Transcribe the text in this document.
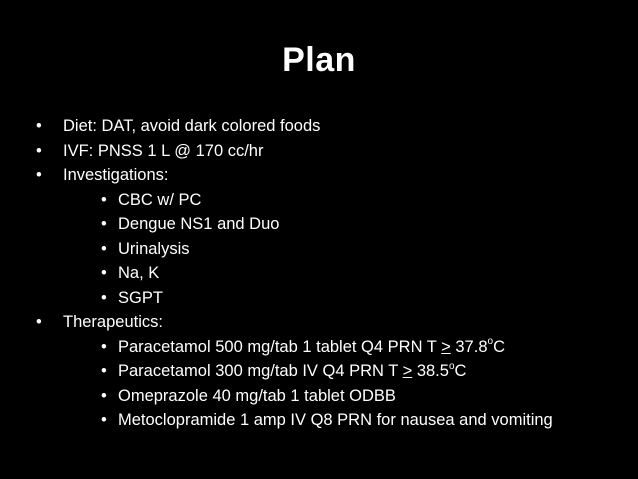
Plan
•	Diet: DAT, avoid dark colored foods
•	IVF: PNSS 1 L @ 170 cc/hr
•	Investigations:
• CBC w/ PC
• Dengue NS1 and Duo
• Urinalysis
• Na, K
• SGPT
•	Therapeutics:
• Paracetamol 500 mg/tab 1 tablet Q4 PRN $T > 37.8^oC$
• Paracetamol 300 mg/tab IV Q4 PRN $T > 38.5^oC$
• Omeprazole 40 mg/tab 1 tablet ODBB
• Metoclopramide 1 amp IV Q8 PRN for nausea and vomiting
